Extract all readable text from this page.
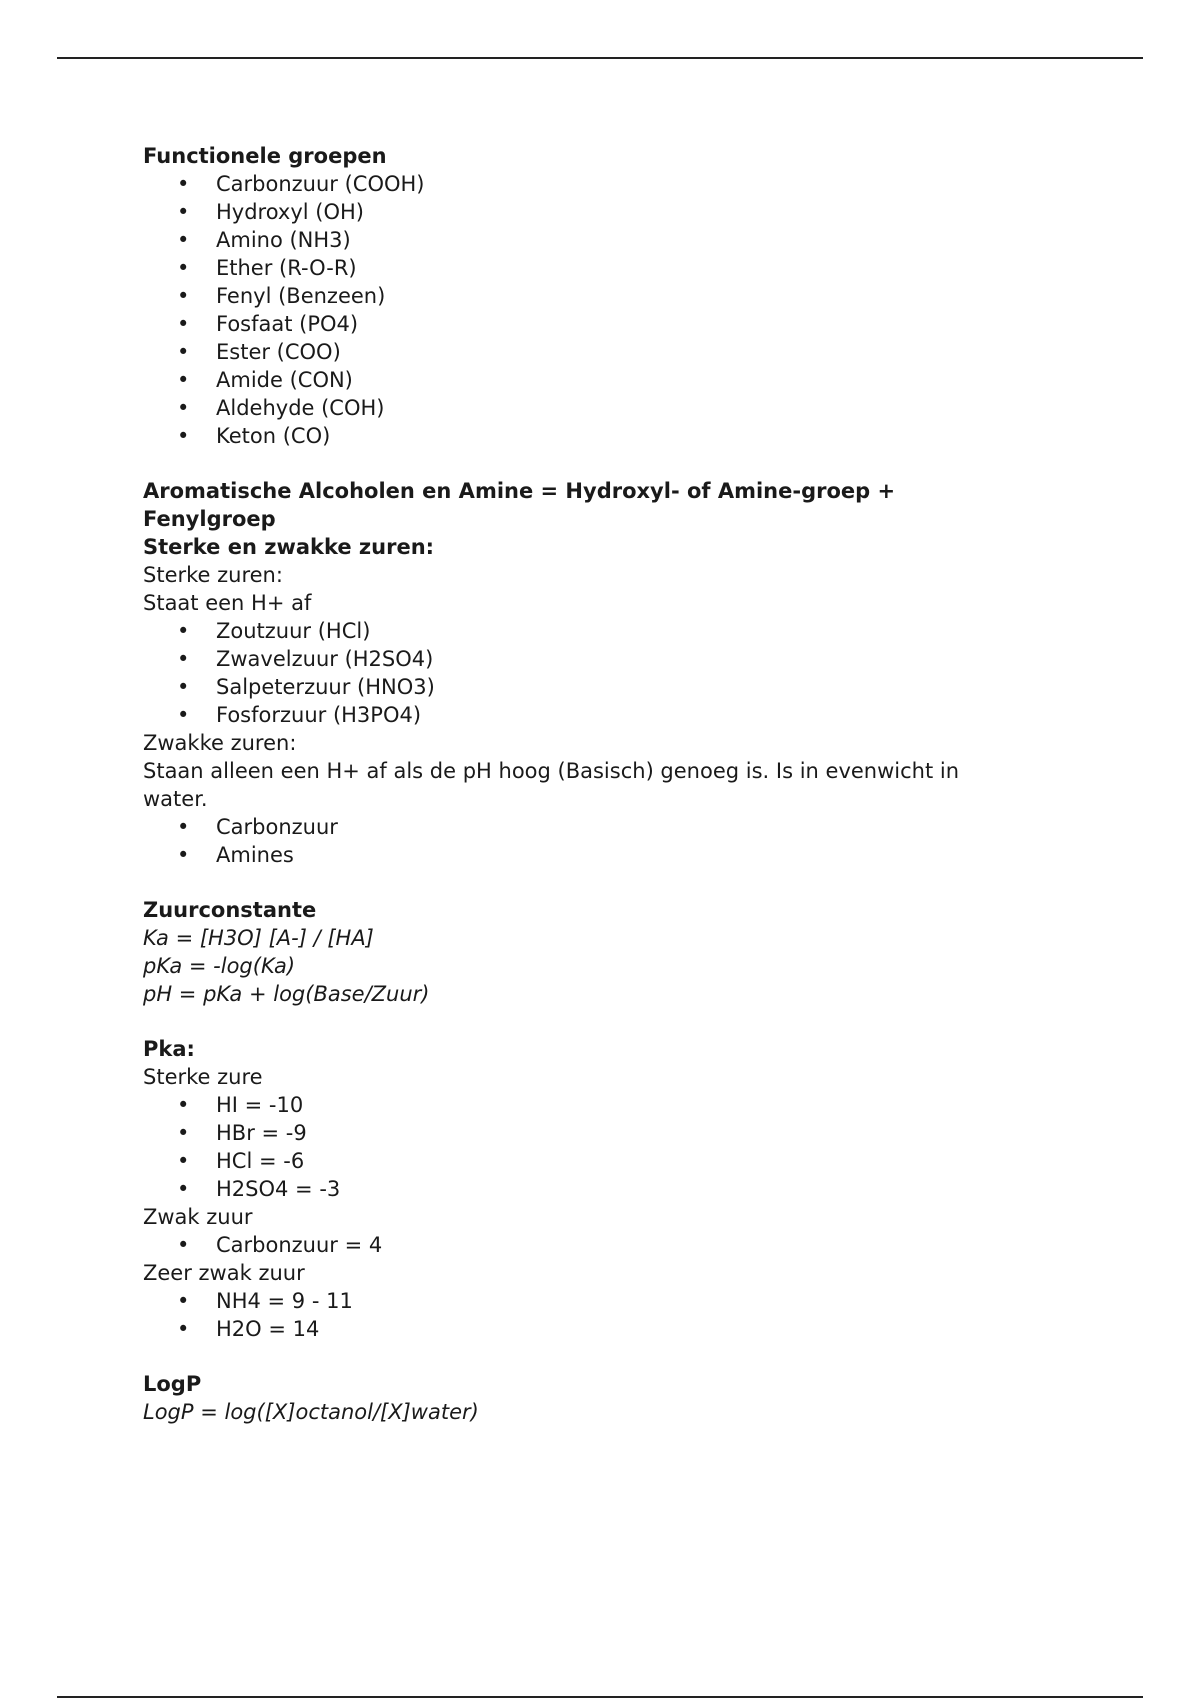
Functionele groepen

• Carbonzuur (COOH)
• Hydroxyl (OH)
• Amino (NH3)
• Ether (R-O-R)
• Fenyl (Benzeen)
• Fosfaat (PO4)
• Ester (COO)
• Amide (CON)
• Aldehyde (COH)
• Keton (CO)

Aromatische Alcoholen en Amine = Hydroxyl- of Amine-groep + Fenylgroep

Sterke en zwakke zuren:

Sterke zuren:

Staat een H+ af

• Zoutzuur (HCl)
• Zwavelzuur (H2SO4)
• Salpeterzuur (HNO3)
• Fosforzuur (H3PO4)

Zwakke zuren:

Staan alleen een H+ af als de pH hoog (Basisch) genoeg is. Is in evenwicht in water.

• Carbonzuur
• Amines

Zuurconstante

Ka = [H3O] [A-] / [HA]

pKa = -log(Ka)

pH = pKa + log(Base/Zuur)

Pka:

Sterke zure

• HI = -10
• HBr = -9
• HCl = -6
• H2SO4 = -3

Zwak zuur

• Carbonzuur = 4

Zeer zwak zuur

• NH4 = 9 - 11
• H2O = 14

LogP

LogP = log([X]octanol/[X]water)
